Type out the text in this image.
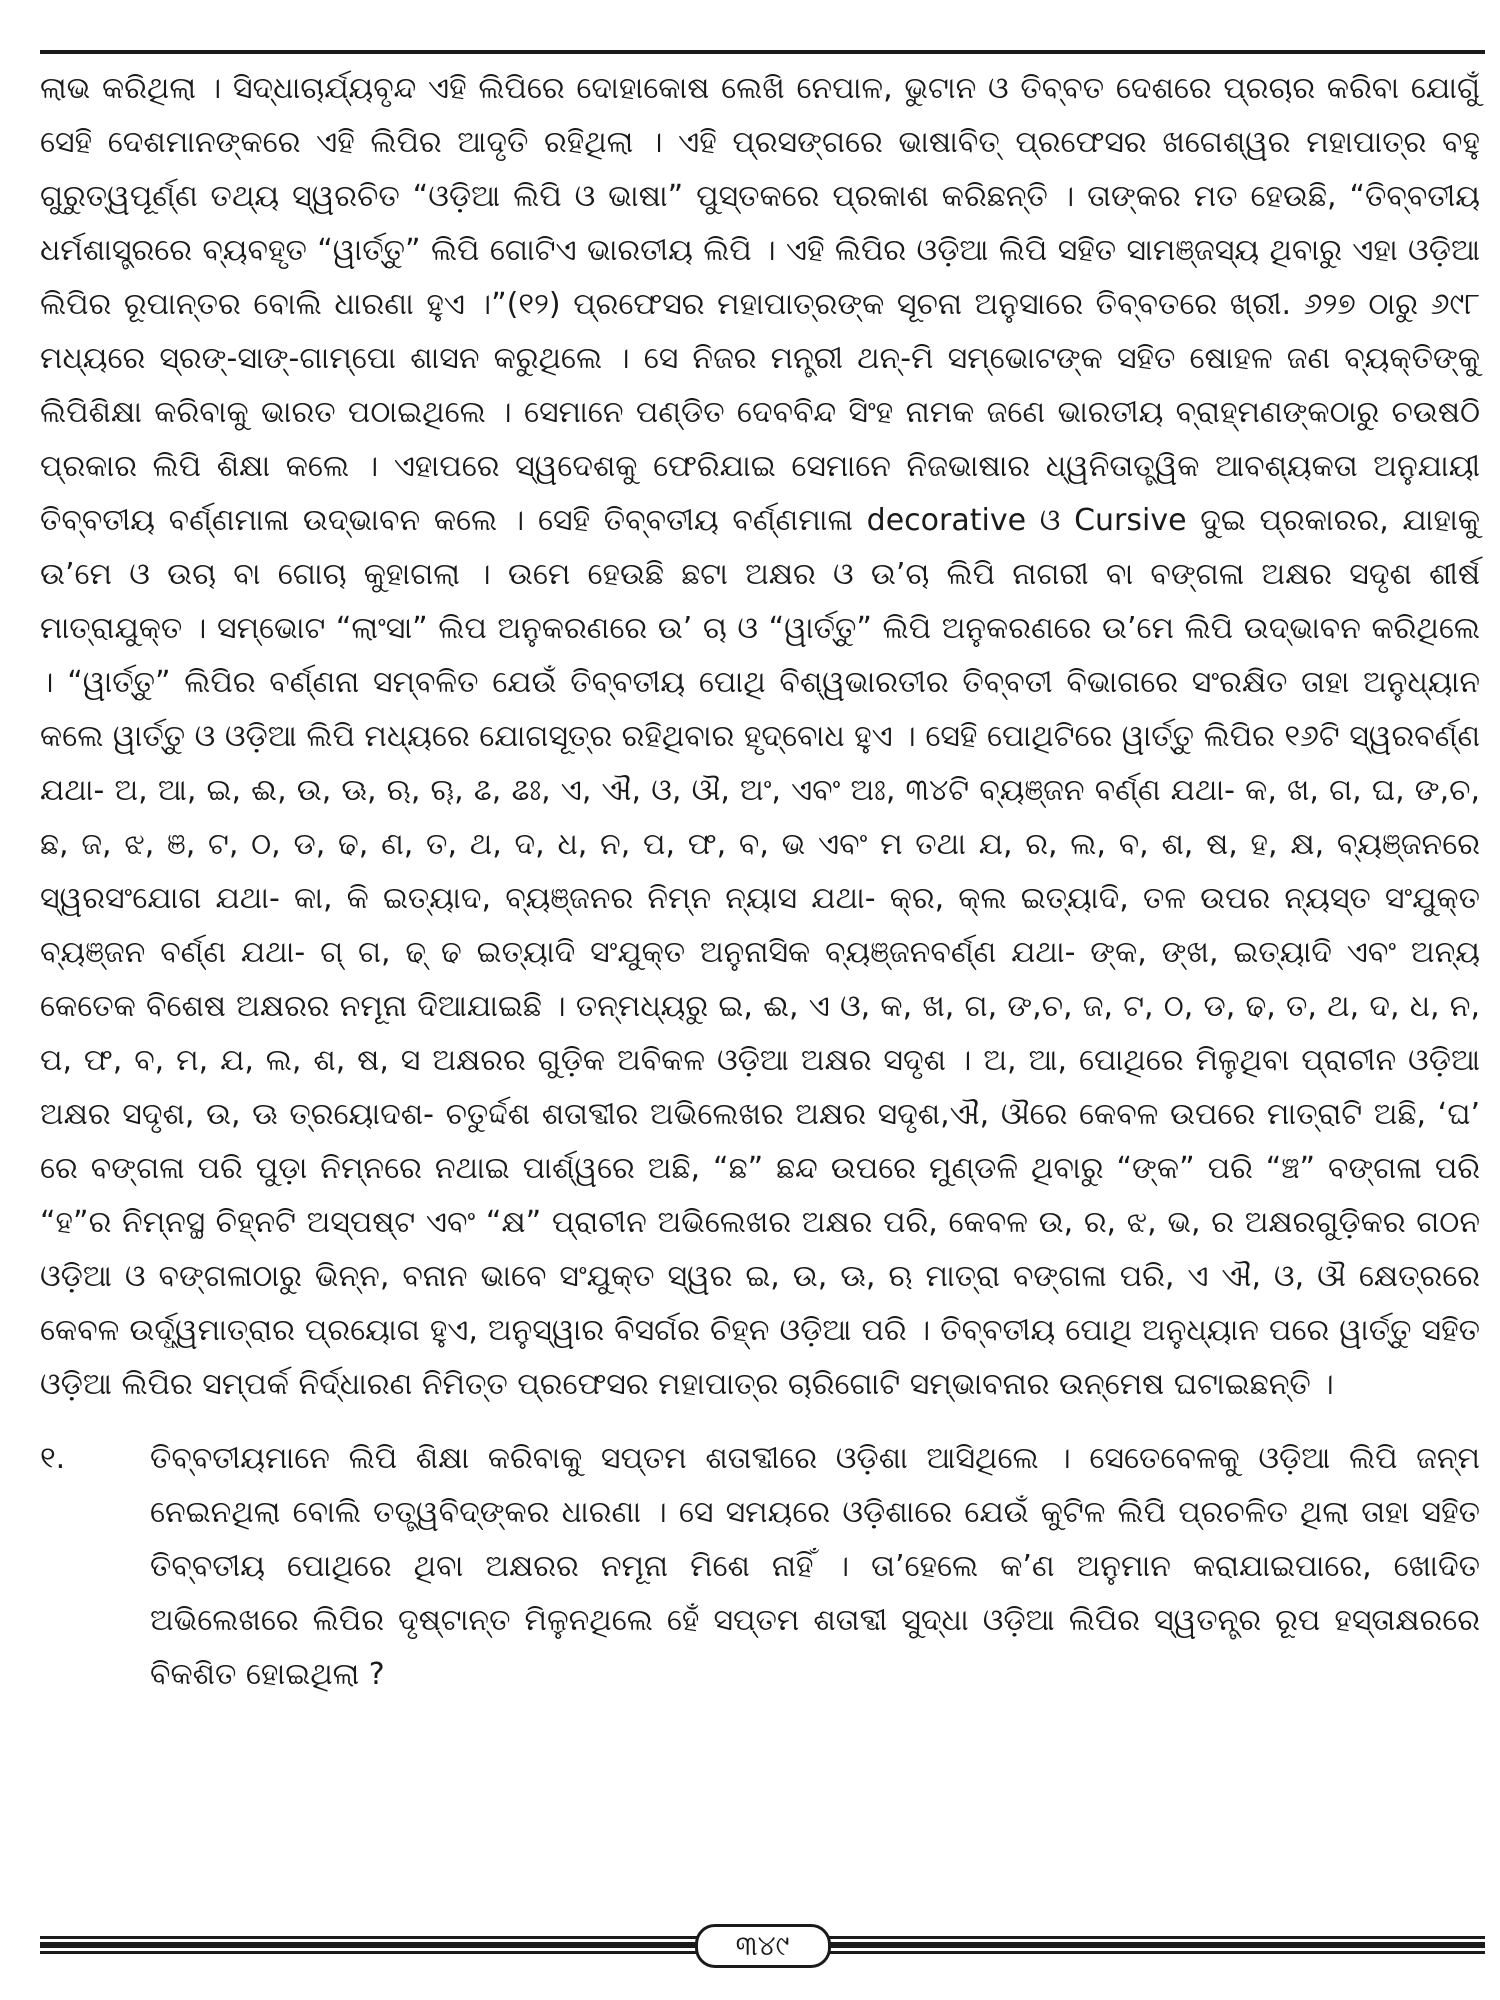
ଲାଭ କରିଥିଲା । ସିଦ୍ଧାଚାର୍ଯ୍ୟବୃନ୍ଦ ଏହି ଲିପିରେ ଦୋହାକୋଷ ଲେଖି ନେପାଳ, ଭୁଟାନ ଓ ତିବ୍ବତ ଦେଶରେ ପ୍ରଚାର କରିବା ଯୋଗୁଁ ସେହି ଦେଶମାନଙ୍କରେ ଏହି ଲିପିର ଆଦୃତି ରହିଥିଲା । ଏହି ପ୍ରସଙ୍ଗରେ ଭାଷାବିତ୍ ପ୍ରଫେସର ଖଗେଶ୍ୱର ମହାପାତ୍ର ବହୁ ଗୁରୁତ୍ୱପୂର୍ଣ୍ଣ ତଥ୍ୟ ସ୍ୱରଚିତ “ଓଡ଼ିଆ ଲିପି ଓ ଭାଷା” ପୁସ୍ତକରେ ପ୍ରକାଶ କରିଛନ୍ତି । ତାଙ୍କର ମତ ହେଉଛି, “ତିବ୍ବତୀୟ ଧର୍ମଶାସ୍ତ୍ରରେ ବ୍ୟବହୃତ “ୱାର୍ତ୍ତୁ” ଲିପି ଗୋଟିଏ ଭାରତୀୟ ଲିପି । ଏହି ଲିପିର ଓଡ଼ିଆ ଲିପି ସହିତ ସାମଞ୍ଜସ୍ୟ ଥିବାରୁ ଏହା ଓଡ଼ିଆ ଲିପିର ରୂପାନ୍ତର ବୋଲି ଧାରଣା ହୁଏ ।”(୧୨) ପ୍ରଫେସର ମହାପାତ୍ରଙ୍କ ସୂଚନା ଅନୁସାରେ ତିବ୍ବତରେ ଖ୍ରୀ. ୬୨୭ ଠାରୁ ୬୯୮ ମଧ୍ୟରେ ସ୍ରଙ୍-ସାଙ୍-ଗାମ୍ପୋ ଶାସନ କରୁଥିଲେ । ସେ ନିଜର ମନ୍ତ୍ରୀ ଥନ୍-ମି ସମ୍ଭୋଟଙ୍କ ସହିତ ଷୋହଳ ଜଣ ବ୍ୟକ୍ତିଙ୍କୁ ଲିପିଶିକ୍ଷା କରିବାକୁ ଭାରତ ପଠାଇଥିଲେ । ସେମାନେ ପଣ୍ଡିତ ଦେବବିନ୍ଦ ସିଂହ ନାମକ ଜଣେ ଭାରତୀୟ ବ୍ରାହ୍ମଣଙ୍କଠାରୁ ଚଉଷଠି ପ୍ରକାର ଲିପି ଶିକ୍ଷା କଲେ । ଏହାପରେ ସ୍ୱଦେଶକୁ ଫେରିଯାଇ ସେମାନେ ନିଜଭାଷାର ଧ୍ୱନିତାତ୍ତ୍ୱିକ ଆବଶ୍ୟକତା ଅନୁଯାୟୀ ତିବ୍ବତୀୟ ବର୍ଣ୍ଣମାଳା ଉଦ୍ଭାବନ କଲେ । ସେହି ତିବ୍ବତୀୟ ବର୍ଣ୍ଣମାଳା decorative ଓ Cursive ଦୁଇ ପ୍ରକାରର, ଯାହାକୁ ଉ’ମେ ଓ ଉଚା ବା ଗୋଚା କୁହାଗଲା । ଉମେ ହେଉଛି ଛଟା ଅକ୍ଷର ଓ ଉ’ଚା ଲିପି ନାଗରୀ ବା ବଙ୍ଗଳା ଅକ୍ଷର ସଦୃଶ ଶୀର୍ଷ ମାତ୍ରାଯୁକ୍ତ । ସମ୍ଭୋଟ “ଲାଂସା” ଲିପ ଅନୁକରଣରେ ଉ’ ଚା ଓ “ୱାର୍ତ୍ତୁ” ଲିପି ଅନୁକରଣରେ ଉ’ମେ ଲିପି ଉଦ୍ଭାବନ କରିଥିଲେ । “ୱାର୍ତ୍ତୁ” ଲିପିର ବର୍ଣ୍ଣନା ସମ୍ବଳିତ ଯେଉଁ ତିବ୍ବତୀୟ ପୋଥି ବିଶ୍ୱଭାରତୀର ତିବ୍ବତୀ ବିଭାଗରେ ସଂରକ୍ଷିତ ତାହା ଅନୁଧ୍ୟାନ କଲେ ୱାର୍ତ୍ତୁ ଓ ଓଡ଼ିଆ ଲିପି ମଧ୍ୟରେ ଯୋଗସୂତ୍ର ରହିଥିବାର ହୃଦ୍‌ବୋଧ ହୁଏ । ସେହି ପୋଥିଟିରେ ୱାର୍ତ୍ତୁ ଲିପିର ୧୬ଟି ସ୍ୱରବର୍ଣ୍ଣ ଯଥା- ଅ, ଆ, ଇ, ଈ, ଉ, ଊ, ଋ, ୠ, ଌ, ଌଃ, ଏ, ଐ, ଓ, ଔ, ଅଂ, ଏବଂ ଅଃ, ୩୪ଟି ବ୍ୟଞ୍ଜନ ବର୍ଣ୍ଣ ଯଥା- କ, ଖ, ଗ, ଘ, ଙ,ଚ, ଛ, ଜ, ଝ, ଞ, ଟ, ଠ, ଡ, ଢ, ଣ, ତ, ଥ, ଦ, ଧ, ନ, ପ, ଫ, ବ, ଭ ଏବଂ ମ ତଥା ଯ, ର, ଲ, ବ, ଶ, ଷ, ହ, କ୍ଷ, ବ୍ୟଞ୍ଜନରେ ସ୍ୱରସଂଯୋଗ ଯଥା- କା, କି ଇତ୍ୟାଦ, ବ୍ୟଞ୍ଜନର ନିମ୍ନ ନ୍ୟାସ ଯଥା- କ୍ର, କ୍ଲ ଇତ୍ୟାଦି, ତଳ ଉପର ନ୍ୟସ୍ତ ସଂଯୁକ୍ତ ବ୍ୟଞ୍ଜନ ବର୍ଣ୍ଣ ଯଥା- ଗ୍ ଗ, ଢ୍ ଢ ଇତ୍ୟାଦି ସଂଯୁକ୍ତ ଅନୁନାସିକ ବ୍ୟଞ୍ଜନବର୍ଣ୍ଣ ଯଥା- ଙ୍କ, ଙ୍ଖ, ଇତ୍ୟାଦି ଏବଂ ଅନ୍ୟ କେତେକ ବିଶେଷ ଅକ୍ଷରର ନମୂନା ଦିଆଯାଇଛି । ତନ୍ମଧ୍ୟରୁ ଇ, ଈ, ଏ ଓ, କ, ଖ, ଗ, ଙ,ଚ, ଜ, ଟ, ଠ, ଡ, ଢ, ତ, ଥ, ଦ, ଧ, ନ, ପ, ଫ, ବ, ମ, ଯ, ଲ, ଶ, ଷ, ସ ଅକ୍ଷରର ଗୁଡ଼ିକ ଅବିକଳ ଓଡ଼ିଆ ଅକ୍ଷର ସଦୃଶ । ଅ, ଆ, ପୋଥିରେ ମିଳୁଥିବା ପ୍ରାଚୀନ ଓଡ଼ିଆ ଅକ୍ଷର ସଦୃଶ, ଉ, ଊ ତ୍ରୟୋଦଶ- ଚତୁର୍ଦ୍ଦଶ ଶତାବ୍ଦୀର ଅଭିଲେଖର ଅକ୍ଷର ସଦୃଶ,ଐ, ଔରେ କେବଳ ଉପରେ ମାତ୍ରାଟି ଅଛି, ‘ଘ’ ରେ ବଙ୍ଗଳା ପରି ପୁଡ଼ା ନିମ୍ନରେ ନଥାଇ ପାର୍ଶ୍ୱରେ ଅଛି, “ଛ” ଛନ୍ଦ ଉପରେ ମୁଣ୍ଡଳି ଥିବାରୁ “ଙ୍କ” ପରି “ଞ୍ଚ” ବଙ୍ଗଳା ପରି “ହ”ର ନିମ୍ନସ୍ଥ ଚିହ୍ନଟି ଅସ୍ପଷ୍ଟ ଏବଂ “କ୍ଷ” ପ୍ରାଚୀନ ଅଭିଲେଖର ଅକ୍ଷର ପରି, କେବଳ ଉ, ର, ଝ, ଭ, ର ଅକ୍ଷରଗୁଡ଼ିକର ଗଠନ ଓଡ଼ିଆ ଓ ବଙ୍ଗଳାଠାରୁ ଭିନ୍ନ, ବନାନ ଭାବେ ସଂଯୁକ୍ତ ସ୍ୱର ଇ, ଉ, ଊ, ଋ ମାତ୍ରା ବଙ୍ଗଳା ପରି, ଏ ଐ, ଓ, ଔ କ୍ଷେତ୍ରରେ କେବଳ ଉର୍ଦ୍ଧ୍ୱମାତ୍ରାର ପ୍ରୟୋଗ ହୁଏ, ଅନୁସ୍ୱାର ବିସର୍ଗର ଚିହ୍ନ ଓଡ଼ିଆ ପରି । ତିବ୍ବତୀୟ ପୋଥି ଅନୁଧ୍ୟାନ ପରେ ୱାର୍ତ୍ତୁ ସହିତ ଓଡ଼ିଆ ଲିପିର ସମ୍ପର୍କ ନିର୍ଦ୍ଧାରଣ ନିମିତ୍ତ ପ୍ରଫେସର ମହାପାତ୍ର ଚାରିଗୋଟି ସମ୍ଭାବନାର ଉନ୍ମେଷ ଘଟାଇଛନ୍ତି ।

୧.	ତିବ୍ବତୀୟମାନେ ଲିପି ଶିକ୍ଷା କରିବାକୁ ସପ୍ତମ ଶତାବ୍ଦୀରେ ଓଡ଼ିଶା ଆସିଥିଲେ । ସେତେବେଳକୁ ଓଡ଼ିଆ ଲିପି ଜନ୍ମ ନେଇନଥିଲା ବୋଲି ତତ୍ତ୍ୱବିଦ୍‌ଙ୍କର ଧାରଣା । ସେ ସମୟରେ ଓଡ଼ିଶାରେ ଯେଉଁ କୁଟିଳ ଲିପି ପ୍ରଚଳିତ ଥିଲା ତାହା ସହିତ ତିବ୍ବତୀୟ ପୋଥିରେ ଥିବା ଅକ୍ଷରର ନମୂନା ମିଶେ ନାହିଁ । ତା’ହେଲେ କ’ଣ ଅନୁମାନ କରାଯାଇପାରେ, ଖୋଦିତ ଅଭିଲେଖରେ ଲିପିର ଦୃଷ୍ଟାନ୍ତ ମିଳୁନଥିଲେ ହେଁ ସପ୍ତମ ଶତାବ୍ଦୀ ସୁଦ୍ଧା ଓଡ଼ିଆ ଲିପିର ସ୍ୱତନ୍ତ୍ର ରୂପ ହସ୍ତାକ୍ଷରରେ ବିକଶିତ ହୋଇଥିଲା ?

୩୪୯
